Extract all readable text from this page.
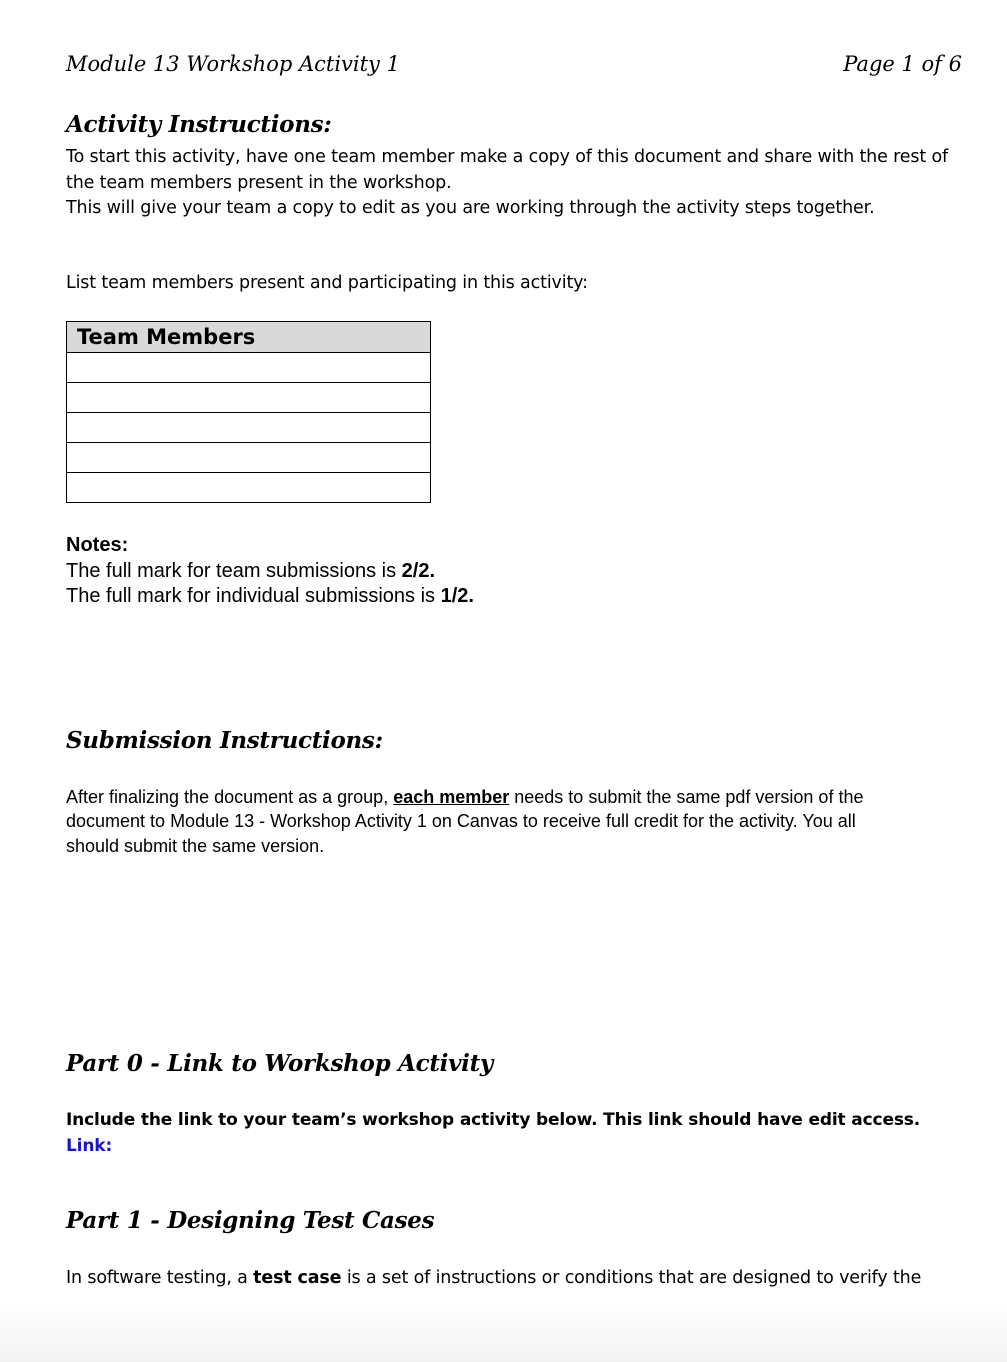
Module 13 Workshop Activity 1	Page 1 of 6
Activity Instructions:
To start this activity, have one team member make a copy of this document and share with the rest of
the team members present in the workshop.
This will give your team a copy to edit as you are working through the activity steps together.
List team members present and participating in this activity:
Team Members

Notes:
The full mark for team submissions is 2/2.
The full mark for individual submissions is 1/2.
Submission Instructions:
After finalizing the document as a group, each member needs to submit the same pdf version of the
document to Module 13 - Workshop Activity 1 on Canvas to receive full credit for the activity. You all
should submit the same version.
Part 0 - Link to Workshop Activity
Include the link to your team’s workshop activity below. This link should have edit access.
Link:
Part 1 - Designing Test Cases
In software testing, a test case is a set of instructions or conditions that are designed to verify the
